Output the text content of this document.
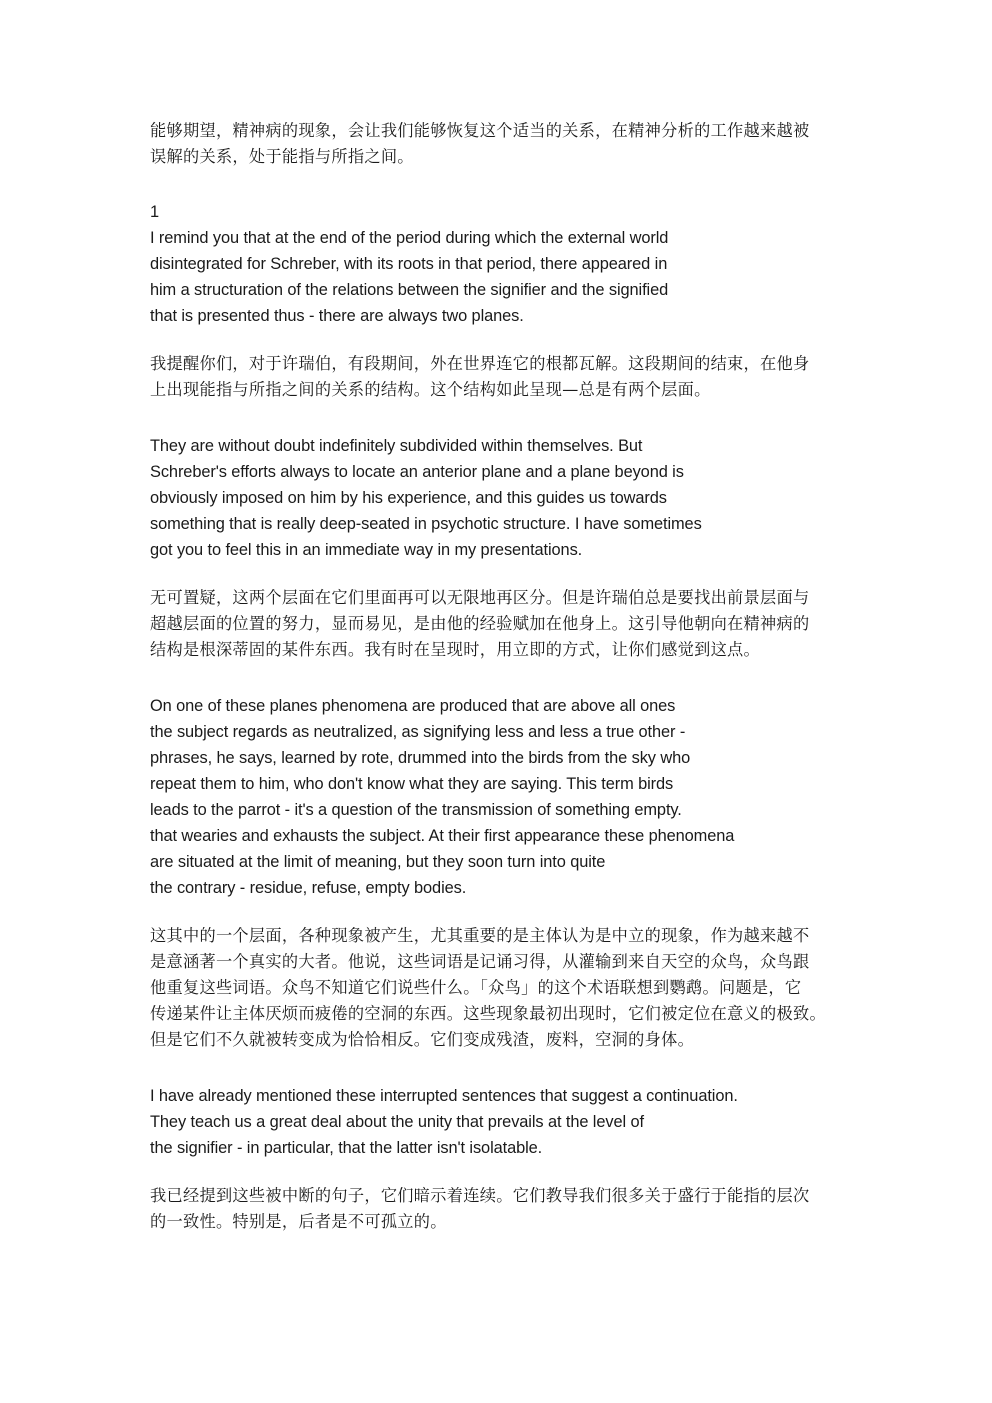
能够期望，精神病的现象，会让我们能够恢复这个适当的关系，在精神分析的工作越来越被
误解的关系，处于能指与所指之间。
1
I remind you that at the end of the period during which the external world
disintegrated for Schreber, with its roots in that period, there appeared in
him a structuration of the relations between the signifier and the signified
that is presented thus - there are always two planes.
我提醒你们，对于许瑞伯，有段期间，外在世界连它的根都瓦解。这段期间的结束，在他身
上出现能指与所指之间的关系的结构。这个结构如此呈现—总是有两个层面。
They are without doubt indefinitely subdivided within themselves. But
Schreber's efforts always to locate an anterior plane and a plane beyond is
obviously imposed on him by his experience, and this guides us towards
something that is really deep-seated in psychotic structure. I have sometimes
got you to feel this in an immediate way in my presentations.
无可置疑，这两个层面在它们里面再可以无限地再区分。但是许瑞伯总是要找出前景层面与
超越层面的位置的努力，显而易见，是由他的经验赋加在他身上。这引导他朝向在精神病的
结构是根深蒂固的某件东西。我有时在呈现时，用立即的方式，让你们感觉到这点。
On one of these planes phenomena are produced that are above all ones
the subject regards as neutralized, as signifying less and less a true other -
phrases, he says, learned by rote, drummed into the birds from the sky who
repeat them to him, who don't know what they are saying. This term birds
leads to the parrot - it's a question of the transmission of something empty.
that wearies and exhausts the subject. At their first appearance these phenomena
are situated at the limit of meaning, but they soon turn into quite
the contrary - residue, refuse, empty bodies.
这其中的一个层面，各种现象被产生，尤其重要的是主体认为是中立的现象，作为越来越不
是意涵著一个真实的大者。他说，这些词语是记诵习得，从灌输到来自天空的众鸟，众鸟跟
他重复这些词语。众鸟不知道它们说些什么。「众鸟」的这个术语联想到鹦鹉。问题是，它
传递某件让主体厌烦而疲倦的空洞的东西。这些现象最初出现时，它们被定位在意义的极致。
但是它们不久就被转变成为恰恰相反。它们变成残渣，废料，空洞的身体。
I have already mentioned these interrupted sentences that suggest a continuation.
They teach us a great deal about the unity that prevails at the level of
the signifier - in particular, that the latter isn't isolatable.
我已经提到这些被中断的句子，它们暗示着连续。它们教导我们很多关于盛行于能指的层次
的一致性。特别是，后者是不可孤立的。
